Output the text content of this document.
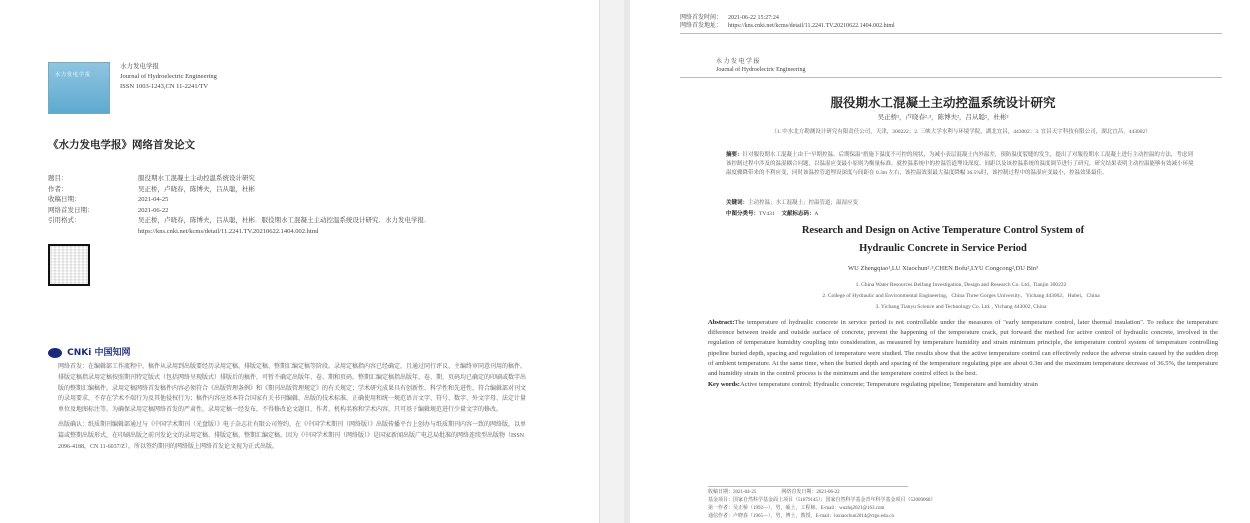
水力发电学报
水力发电学报
Journal of Hydroelectric Engineering
ISSN 1003-1243,CN 11-2241/TV
《水力发电学报》网络首发论文
题目：	服役期水工混凝土主动控温系统设计研究
作者：	吴正桥，卢晓春，陈博夫，吕从聪，杜彬
收稿日期：	2021-04-25
网络首发日期：	2021-06-22
引用格式：	吴正桥，卢晓春，陈博夫，吕从聪，杜彬．服役期水工混凝土主动控温系统设计研究．水力发电学报．
https://kns.cnki.net/kcms/detail/11.2241.TV.20210622.1404.002.html
CNKi 中国知网

网络首发：在编辑部工作流程中，稿件从录用到出版要经历录用定稿、排版定稿、整期汇编定稿等阶段。录用定稿指内容已经确定，且通过同行评议、主编终审同意刊用的稿件。排版定稿指录用定稿按照期刊特定版式（包括网络呈现版式）排版后的稿件，可暂不确定出版年、卷、期和页码。整期汇编定稿指出版年、卷、期、页码均已确定的印刷或数字出版的整期汇编稿件。录用定稿网络首发稿件内容必须符合《出版管理条例》和《期刊出版管理规定》的有关规定；学术研究成果具有创新性、科学性和先进性，符合编辑部对刊文的录用要求，不存在学术不端行为及其他侵权行为；稿件内容应基本符合国家有关书刊编辑、出版的技术标准，正确使用和统一规范语言文字、符号、数字、外文字母、法定计量单位及地图标注等。为确保录用定稿网络首发的严肃性，录用定稿一经发布，不得修改论文题目、作者、机构名称和学术内容，只可基于编辑规范进行少量文字的修改。

出版确认：纸质期刊编辑部通过与《中国学术期刊（光盘版）》电子杂志社有限公司签约，在《中国学术期刊（网络版）》出版传播平台上创办与纸质期刊内容一致的网络版，以单篇或整期出版形式，在印刷出版之前刊发论文的录用定稿、排版定稿、整期汇编定稿。因为《中国学术期刊（网络版）》是国家新闻出版广电总局批准的网络连续型出版物（ISSN 2096-4188，CN 11-6037/Z），所以签约期刊的网络版上网络首发论文视为正式出版。

网络首发时间： 2021-06-22 15:27:24
网络首发地址： https://kns.cnki.net/kcms/detail/11.2241.TV.20210622.1404.002.html
水 力 发 电 学 报
Journal of Hydroelectric Engineering
服役期水工混凝土主动控温系统设计研究
吴正桥¹，卢晓春²˒³，陈博夫²，吕从聪²，杜彬³
（1. 中水北方勘测设计研究有限责任公司，天津，300222；2. 三峡大学水利与环境学院，湖北宜昌，443002；3. 宜昌天宇科技有限公司，湖北宜昌，443002）
摘要：针对服役期水工混凝土由于“早期控温、后期保温”措施下温度不可控的现状，为减小表层混凝土内外温差，预防温度裂缝的发生，提出了对服役期水工混凝土进行主动控温的方法，考虑到该控制过程中涉及的温湿耦合问题，以温湿应变最小原则为衡量标准，就控温系统中的控温管道埋设深度、间距以及该控温系统的温度调节进行了研究，研究结果表明主动控温能够有效减小环境温度骤降带来的不利应变，同时该温控管道埋设深度与间距在 0.3m 左右，该控温效果最大温度降幅 36.5%时，该控制过程中的温湿应变最小，控温效果最佳。
关键词：主动控温；水工混凝土；控温管道；温湿应变
中图分类号：TV431 文献标志码：A
Research and Design on Active Temperature Control System of
Hydraulic Concrete in Service Period
WU Zhengqiao¹,LU Xiaochun²˒³,CHEN Bofu²,LYU Congcong²,DU Bin³
1. China Water Resources Beifang Investigation, Design and Research Co. Ltd., Tianjin 300222
2. College of Hydraulic and Environmental Engineering，China Three Gorges University，Yichang 443002，Hubei，China
3. Yichang Tianyu Science and Technology Co. Ltd. , Yichang 443002, China
Abstract:The temperature of hydraulic concrete in service period is not controllable under the measures of "early temperature control, later thermal insulation". To reduce the temperature difference between inside and outside surface of concrete, prevent the happening of the temperature crack, put forward the method for active control of hydraulic concrete, involved in the regulation of temperature humidity coupling into consideration, as measured by temperature humidity and strain minimum principle, the temperature control system of temperature controlling pipeline buried depth, spacing and regulation of temperature were studied. The results show that the active temperature control can effectively reduce the adverse strain caused by the sudden drop of ambient temperature. At the same time, when the buried depth and spacing of the temperature regulating pipe are about 0.3m and the maximum temperature decrease of 36.5%, the temperature and humidity strain in the control process is the minimum and the temperature control effect is the best.
Key words:Active temperature control; Hydraulic concrete; Temperature regulating pipeline; Temperature and humidity strain
收稿日期：2021-04-25　　　　　网络首发日期：2021-06-22
基金项目：国家自然科学基金面上项目（51879145）；国家自然科学基金青年科学基金项目（52009068）
第一作者：吴正桥（1992—），男，硕士，工程师。E-mail：wuzhq2021@163.com
通信作者：卢晓春（1965—），男，博士，教授。E-mail：luxiaochun2014@ctgu.edu.cn
